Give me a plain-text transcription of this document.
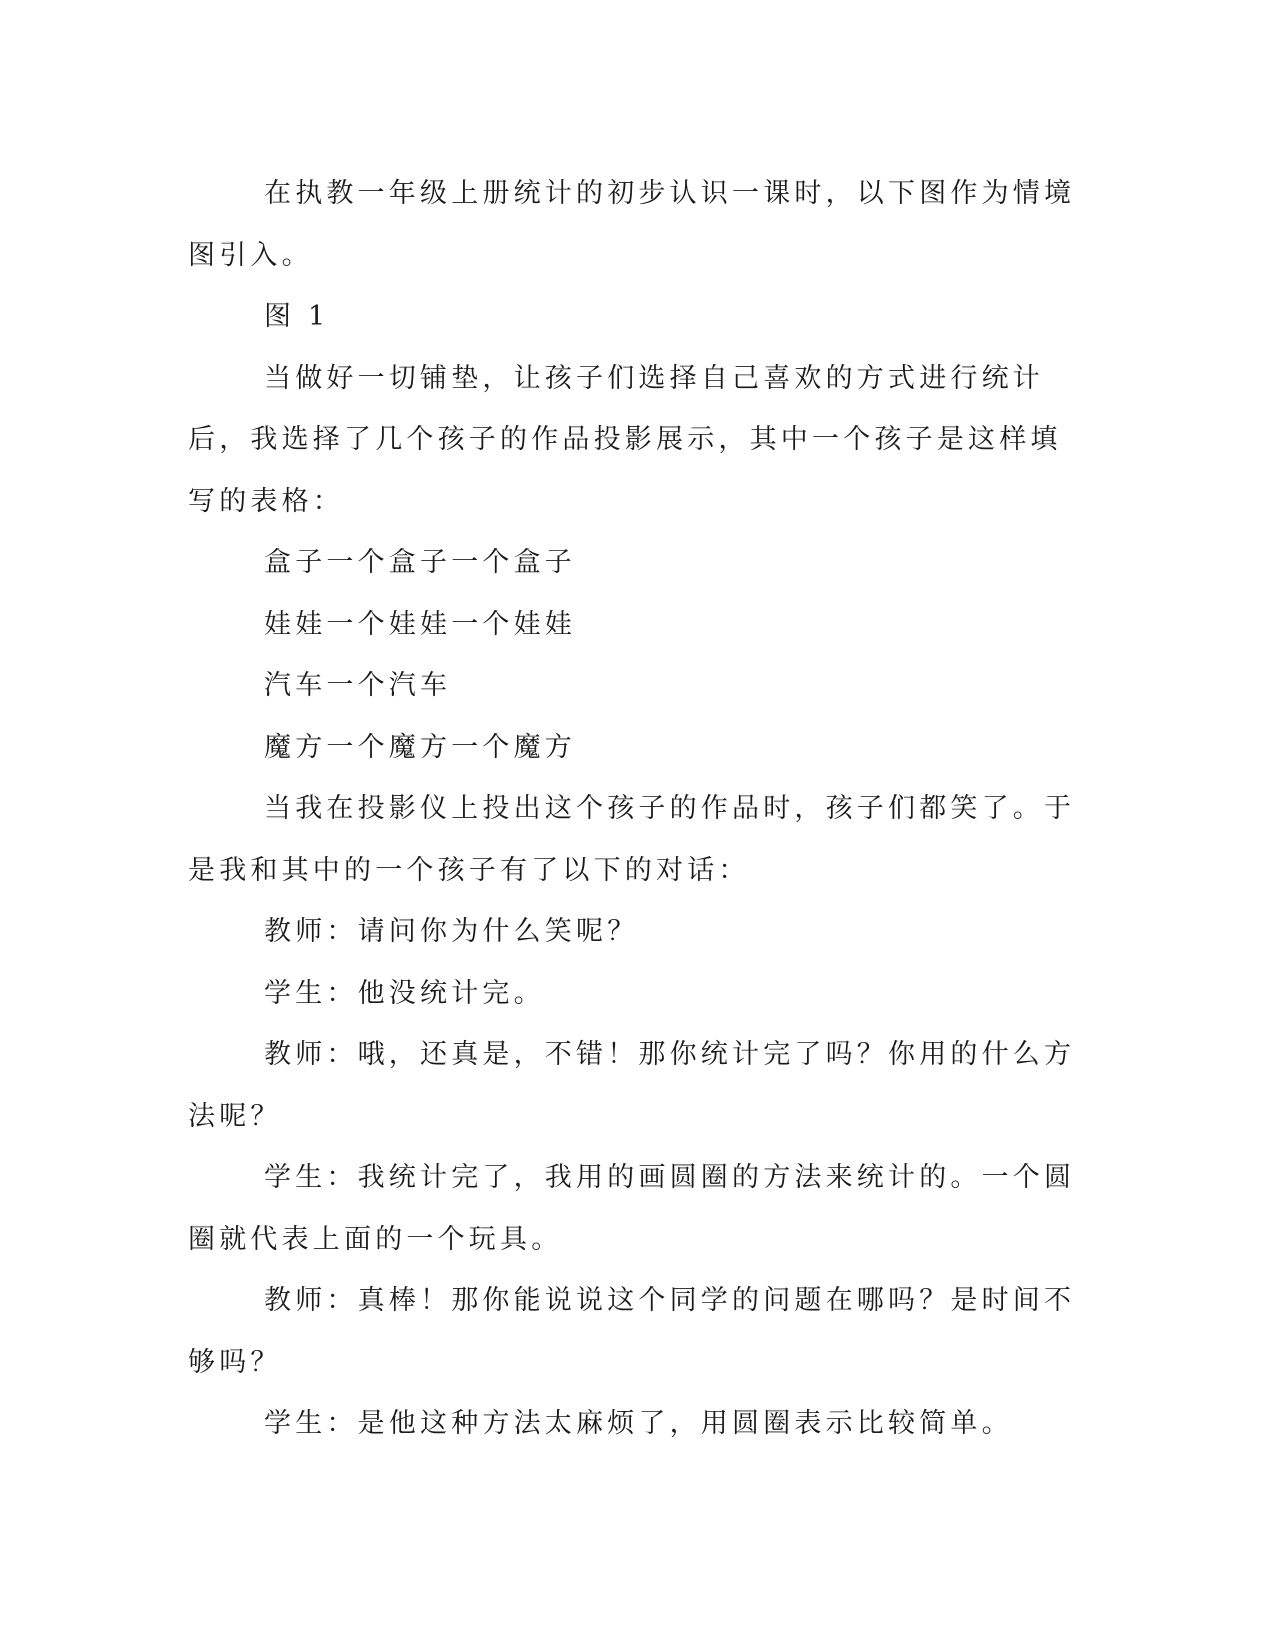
在执教一年级上册统计的初步认识一课时，以下图作为情境图引入。

图 1

当做好一切铺垫，让孩子们选择自己喜欢的方式进行统计后，我选择了几个孩子的作品投影展示，其中一个孩子是这样填写的表格：

盒子一个盒子一个盒子

娃娃一个娃娃一个娃娃

汽车一个汽车

魔方一个魔方一个魔方

当我在投影仪上投出这个孩子的作品时，孩子们都笑了。于是我和其中的一个孩子有了以下的对话：

教师：请问你为什么笑呢？

学生：他没统计完。

教师：哦，还真是，不错！那你统计完了吗？你用的什么方法呢？

学生：我统计完了，我用的画圆圈的方法来统计的。一个圆圈就代表上面的一个玩具。

教师：真棒！那你能说说这个同学的问题在哪吗？是时间不够吗？

学生：是他这种方法太麻烦了，用圆圈表示比较简单。
